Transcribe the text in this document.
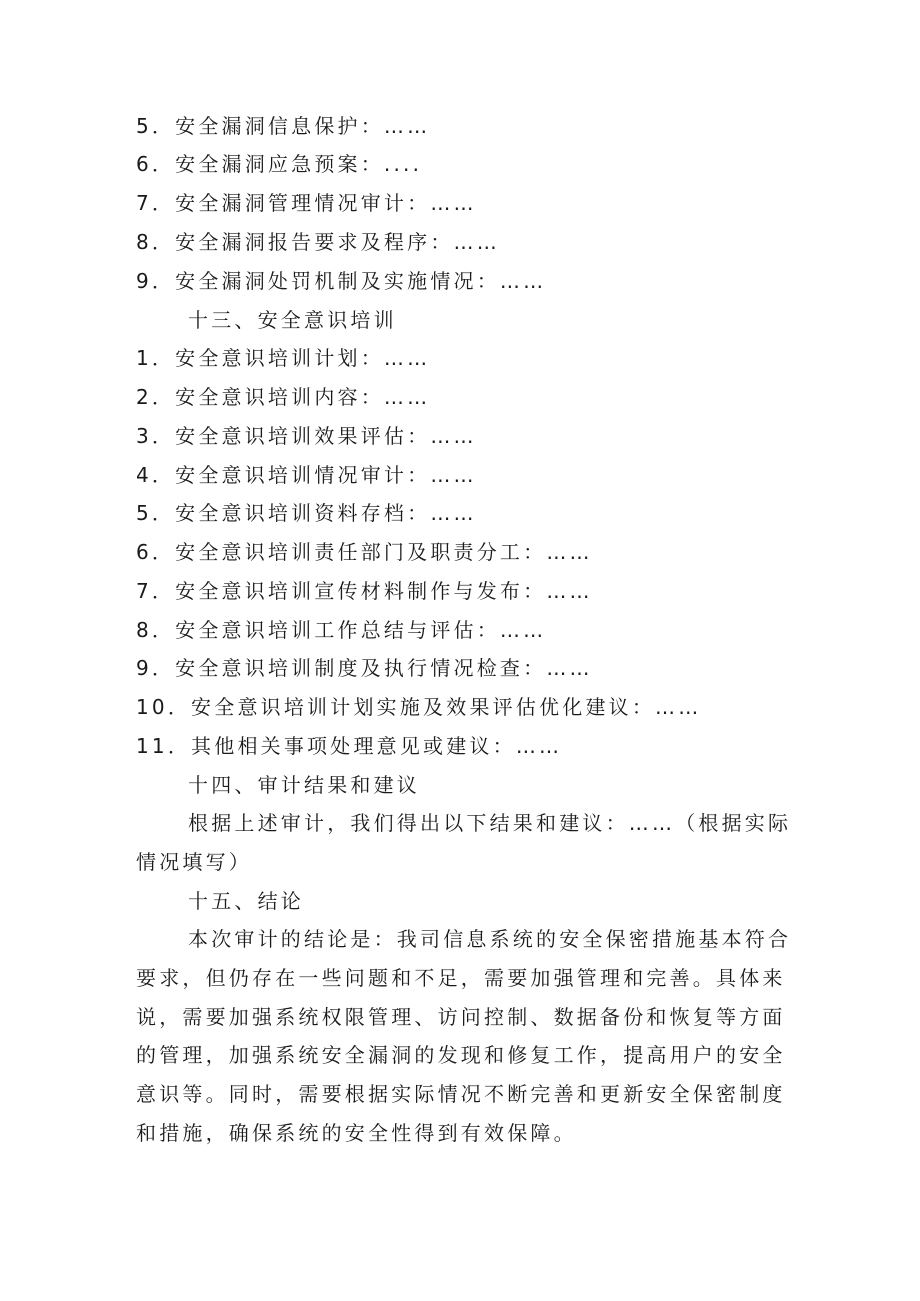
5．安全漏洞信息保护：……
6．安全漏洞应急预案：....
7．安全漏洞管理情况审计：……
8．安全漏洞报告要求及程序：……
9．安全漏洞处罚机制及实施情况：……
十三、安全意识培训
1．安全意识培训计划：……
2．安全意识培训内容：……
3．安全意识培训效果评估：……
4．安全意识培训情况审计：……
5．安全意识培训资料存档：……
6．安全意识培训责任部门及职责分工：……
7．安全意识培训宣传材料制作与发布：……
8．安全意识培训工作总结与评估：……
9．安全意识培训制度及执行情况检查：……
10．安全意识培训计划实施及效果评估优化建议：……
11．其他相关事项处理意见或建议：……
十四、审计结果和建议
根据上述审计，我们得出以下结果和建议：……（根据实际情况填写）
十五、结论
本次审计的结论是：我司信息系统的安全保密措施基本符合要求，但仍存在一些问题和不足，需要加强管理和完善。具体来说，需要加强系统权限管理、访问控制、数据备份和恢复等方面的管理，加强系统安全漏洞的发现和修复工作，提高用户的安全意识等。同时，需要根据实际情况不断完善和更新安全保密制度和措施，确保系统的安全性得到有效保障。
